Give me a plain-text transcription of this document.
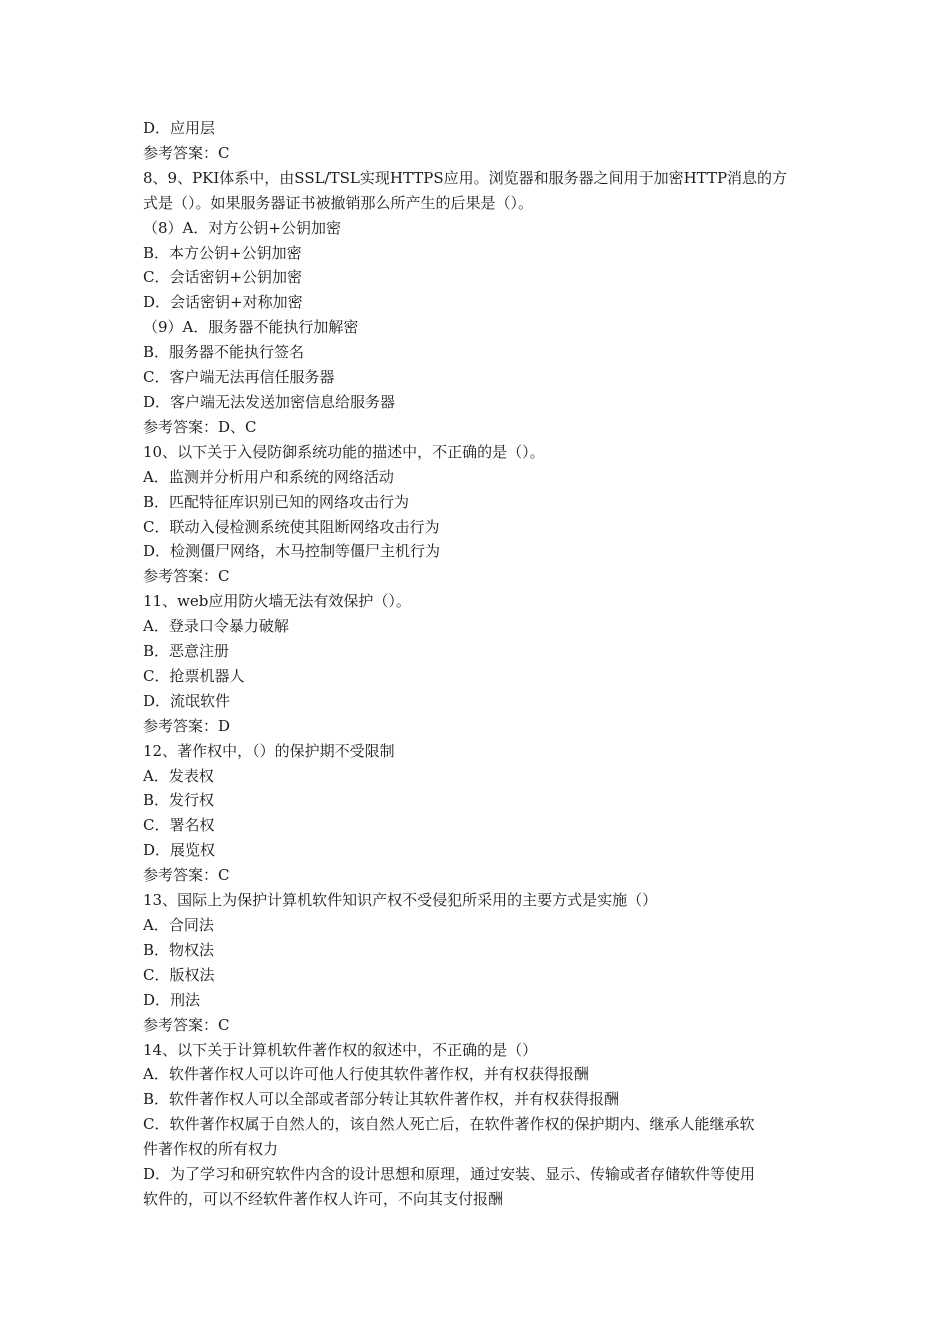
D．应用层
参考答案：C
8、9、PKI体系中，由SSL/TSL实现HTTPS应用。浏览器和服务器之间用于加密HTTP消息的方
式是（）。如果服务器证书被撤销那么所产生的后果是（）。
（8）A．对方公钥+公钥加密
B．本方公钥+公钥加密
C．会话密钥+公钥加密
D．会话密钥+对称加密
（9）A．服务器不能执行加解密
B．服务器不能执行签名
C．客户端无法再信任服务器
D．客户端无法发送加密信息给服务器
参考答案：D、C
10、以下关于入侵防御系统功能的描述中，不正确的是（）。
A．监测并分析用户和系统的网络活动
B．匹配特征库识别已知的网络攻击行为
C．联动入侵检测系统使其阻断网络攻击行为
D．检测僵尸网络，木马控制等僵尸主机行为
参考答案：C
11、web应用防火墙无法有效保护（）。
A．登录口令暴力破解
B．恶意注册
C．抢票机器人
D．流氓软件
参考答案：D
12、著作权中，（）的保护期不受限制
A．发表权
B．发行权
C．署名权
D．展览权
参考答案：C
13、国际上为保护计算机软件知识产权不受侵犯所采用的主要方式是实施（）
A．合同法
B．物权法
C．版权法
D．刑法
参考答案：C
14、以下关于计算机软件著作权的叙述中，不正确的是（）
A．软件著作权人可以许可他人行使其软件著作权，并有权获得报酬
B．软件著作权人可以全部或者部分转让其软件著作权，并有权获得报酬
C．软件著作权属于自然人的，该自然人死亡后，在软件著作权的保护期内、继承人能继承软
件著作权的所有权力
D．为了学习和研究软件内含的设计思想和原理，通过安装、显示、传输或者存储软件等使用
软件的，可以不经软件著作权人许可，不向其支付报酬
